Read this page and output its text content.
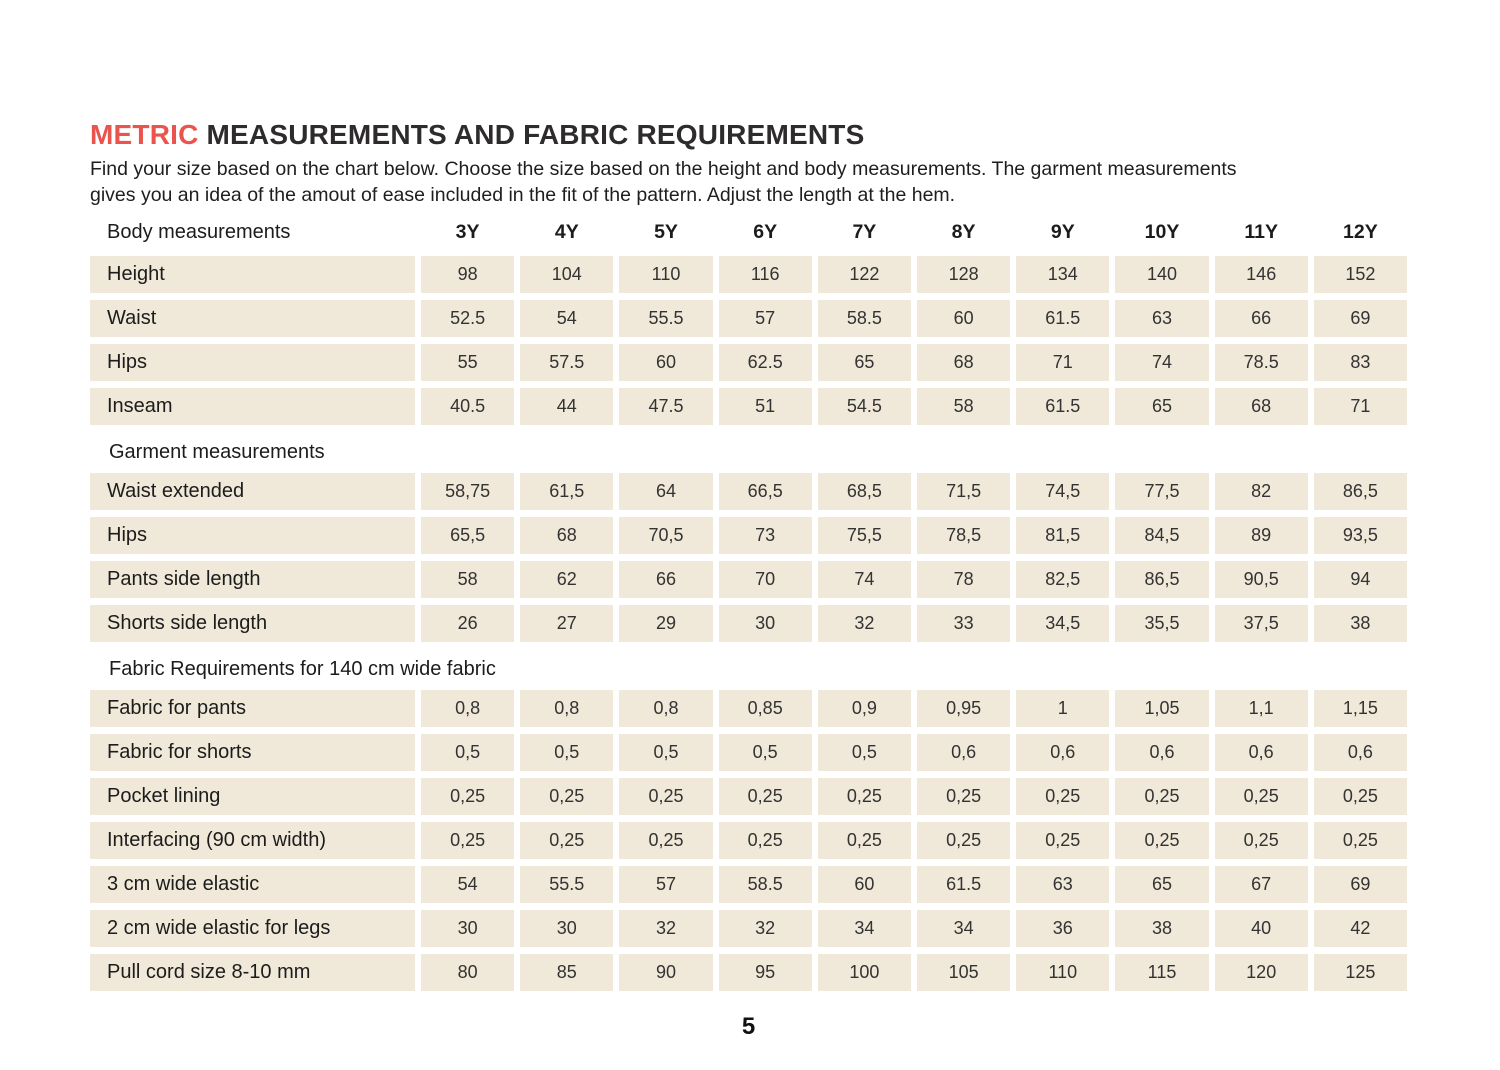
METRIC MEASUREMENTS AND FABRIC REQUIREMENTS
Find your size based on the chart below. Choose the size based on the height and body measurements. The garment measurements
gives you an idea of the amout of ease included in the fit of the pattern. Adjust the length at the hem.
Body measurements	3Y	4Y	5Y	6Y	7Y	8Y	9Y	10Y	11Y	12Y
Height	98	104	110	116	122	128	134	140	146	152
Waist	52.5	54	55.5	57	58.5	60	61.5	63	66	69
Hips	55	57.5	60	62.5	65	68	71	74	78.5	83
Inseam	40.5	44	47.5	51	54.5	58	61.5	65	68	71
Garment measurements
Waist extended	58,75	61,5	64	66,5	68,5	71,5	74,5	77,5	82	86,5
Hips	65,5	68	70,5	73	75,5	78,5	81,5	84,5	89	93,5
Pants side length	58	62	66	70	74	78	82,5	86,5	90,5	94
Shorts side length	26	27	29	30	32	33	34,5	35,5	37,5	38
Fabric Requirements for 140 cm wide fabric
Fabric for pants	0,8	0,8	0,8	0,85	0,9	0,95	1	1,05	1,1	1,15
Fabric for shorts	0,5	0,5	0,5	0,5	0,5	0,6	0,6	0,6	0,6	0,6
Pocket lining	0,25	0,25	0,25	0,25	0,25	0,25	0,25	0,25	0,25	0,25
Interfacing (90 cm width)	0,25	0,25	0,25	0,25	0,25	0,25	0,25	0,25	0,25	0,25
3 cm wide elastic	54	55.5	57	58.5	60	61.5	63	65	67	69
2 cm wide elastic for legs	30	30	32	32	34	34	36	38	40	42
Pull cord size 8-10 mm	80	85	90	95	100	105	110	115	120	125
5
